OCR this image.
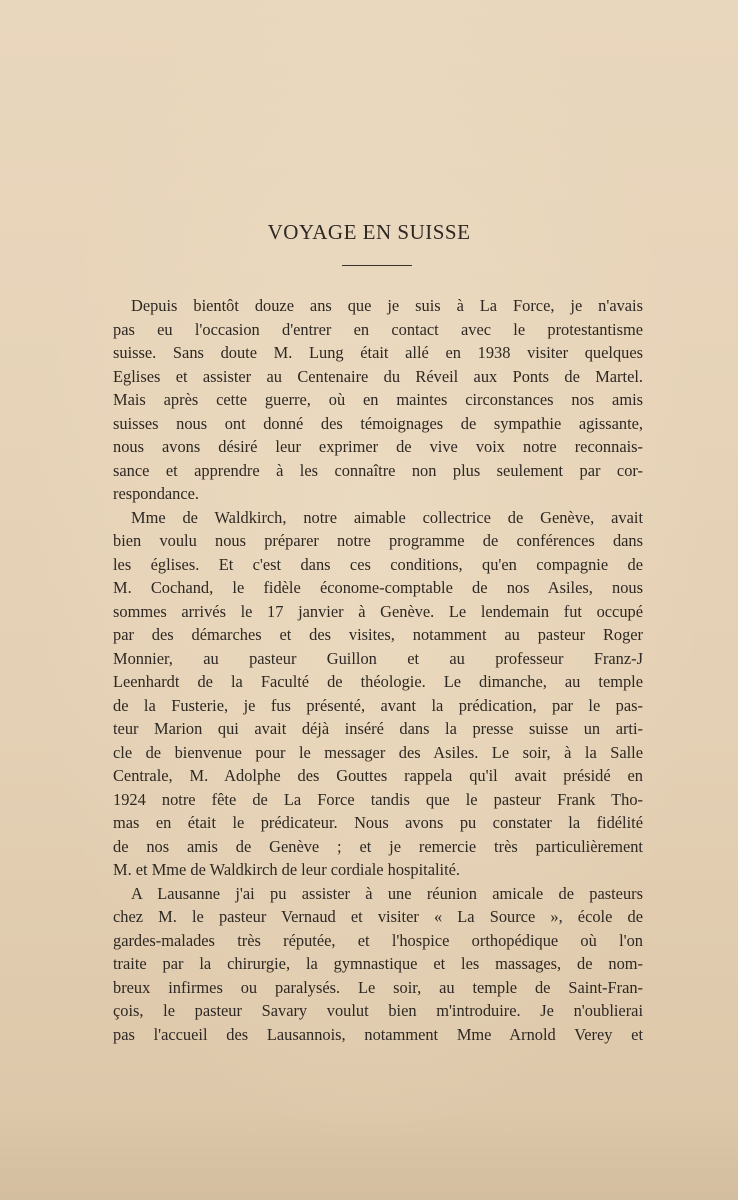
VOYAGE EN SUISSE
Depuis bientôt douze ans que je suis à La Force, je n'avais
pas eu l'occasion d'entrer en contact avec le protestantisme
suisse. Sans doute M. Lung était allé en 1938 visiter quelques
Eglises et assister au Centenaire du Réveil aux Ponts de Martel.
Mais après cette guerre, où en maintes circonstances nos amis
suisses nous ont donné des témoignages de sympathie agissante,
nous avons désiré leur exprimer de vive voix notre reconnais-
sance et apprendre à les connaître non plus seulement par cor-
respondance.
Mme de Waldkirch, notre aimable collectrice de Genève, avait
bien voulu nous préparer notre programme de conférences dans
les églises. Et c'est dans ces conditions, qu'en compagnie de
M. Cochand, le fidèle économe-comptable de nos Asiles, nous
sommes arrivés le 17 janvier à Genève. Le lendemain fut occupé
par des démarches et des visites, notamment au pasteur Roger
Monnier, au pasteur Guillon et au professeur Franz-J
Leenhardt de la Faculté de théologie. Le dimanche, au temple
de la Fusterie, je fus présenté, avant la prédication, par le pas-
teur Marion qui avait déjà inséré dans la presse suisse un arti-
cle de bienvenue pour le messager des Asiles. Le soir, à la Salle
Centrale, M. Adolphe des Gouttes rappela qu'il avait présidé en
1924 notre fête de La Force tandis que le pasteur Frank Tho-
mas en était le prédicateur. Nous avons pu constater la fidélité
de nos amis de Genève ; et je remercie très particulièrement
M. et Mme de Waldkirch de leur cordiale hospitalité.
A Lausanne j'ai pu assister à une réunion amicale de pasteurs
chez M. le pasteur Vernaud et visiter « La Source », école de
gardes-malades très réputée, et l'hospice orthopédique où l'on
traite par la chirurgie, la gymnastique et les massages, de nom-
breux infirmes ou paralysés. Le soir, au temple de Saint-Fran-
çois, le pasteur Savary voulut bien m'introduire. Je n'oublierai
pas l'accueil des Lausannois, notamment Mme Arnold Verey et
